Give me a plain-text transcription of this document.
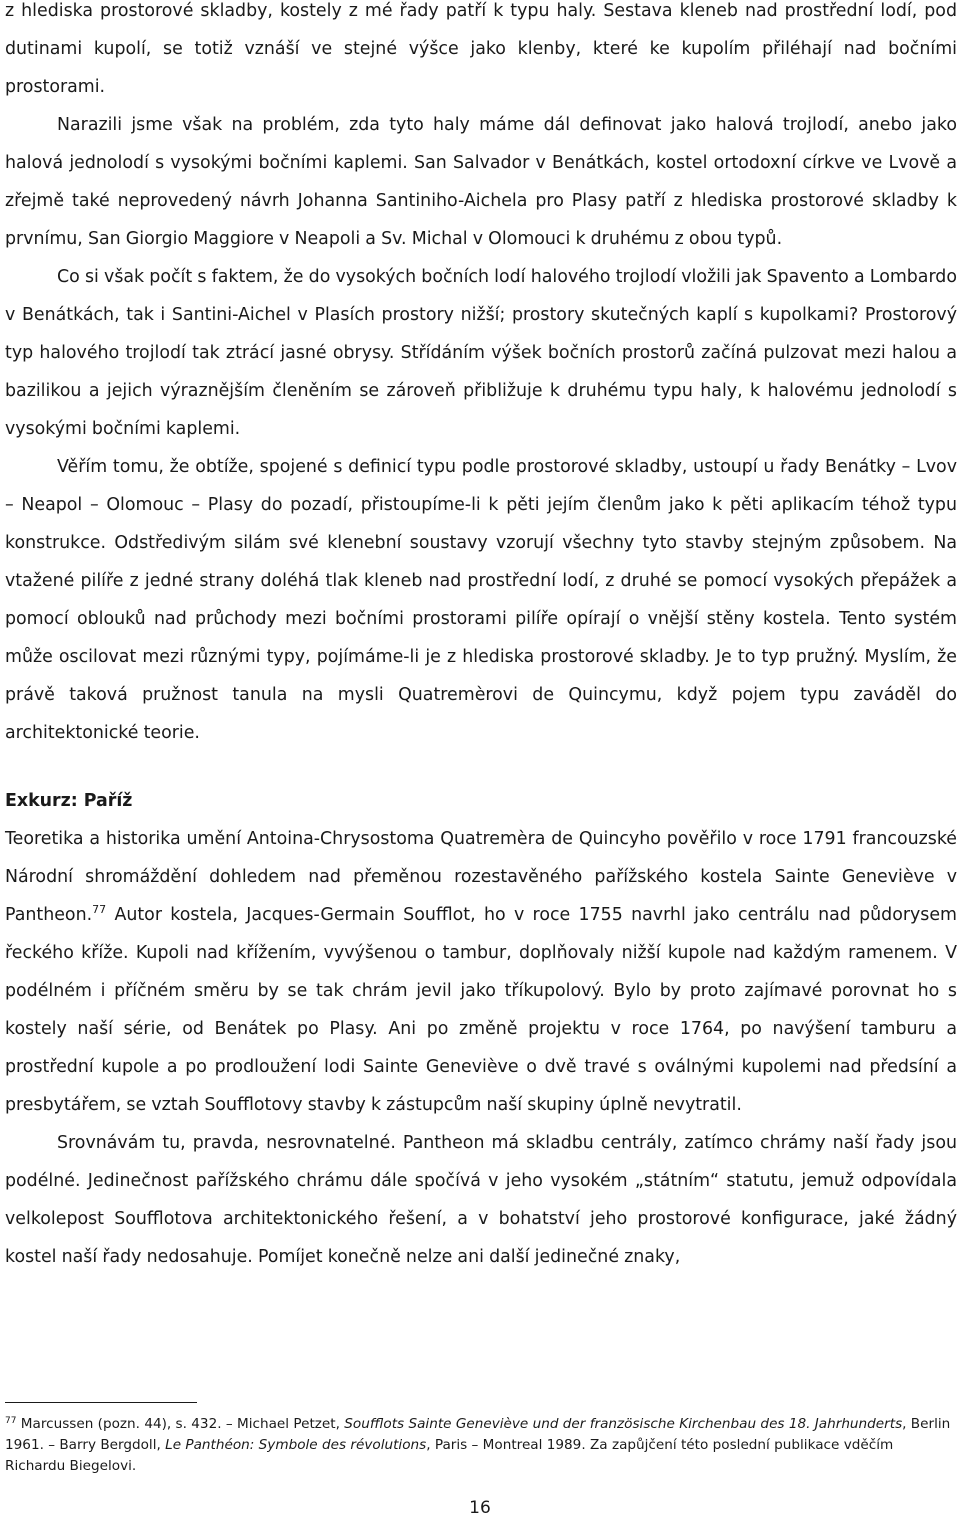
z hlediska prostorové skladby, kostely z mé řady patří k typu haly. Sestava kleneb nad prostřední lodí, pod dutinami kupolí, se totiž vznáší ve stejné výšce jako klenby, které ke kupolím přiléhají nad bočními prostorami.

Narazili jsme však na problém, zda tyto haly máme dál definovat jako halová trojlodí, anebo jako halová jednolodí s vysokými bočními kaplemi. San Salvador v Benátkách, kostel ortodoxní církve ve Lvově a zřejmě také neprovedený návrh Johanna Santiniho-Aichela pro Plasy patří z hlediska prostorové skladby k prvnímu, San Giorgio Maggiore v Neapoli a Sv. Michal v Olomouci k druhému z obou typů.

Co si však počít s faktem, že do vysokých bočních lodí halového trojlodí vložili jak Spavento a Lombardo v Benátkách, tak i Santini-Aichel v Plasích prostory nižší; prostory skutečných kaplí s kupolkami? Prostorový typ halového trojlodí tak ztrácí jasné obrysy. Střídáním výšek bočních prostorů začíná pulzovat mezi halou a bazilikou a jejich výraznějším členěním se zároveň přibližuje k druhému typu haly, k halovému jednolodí s vysokými bočními kaplemi.

Věřím tomu, že obtíže, spojené s definicí typu podle prostorové skladby, ustoupí u řady Benátky – Lvov – Neapol – Olomouc – Plasy do pozadí, přistoupíme-li k pěti jejím členům jako k pěti aplikacím téhož typu konstrukce. Odstředivým silám své klenební soustavy vzorují všechny tyto stavby stejným způsobem. Na vtažené pilíře z jedné strany doléhá tlak kleneb nad prostřední lodí, z druhé se pomocí vysokých přepážek a pomocí oblouků nad průchody mezi bočními prostorami pilíře opírají o vnější stěny kostela. Tento systém může oscilovat mezi různými typy, pojímáme-li je z hlediska prostorové skladby. Je to typ pružný. Myslím, že právě taková pružnost tanula na mysli Quatremèrovi de Quincymu, když pojem typu zaváděl do architektonické teorie.

Exkurz: Paříž

Teoretika a historika umění Antoina-Chrysostoma Quatremèra de Quincyho pověřilo v roce 1791 francouzské Národní shromáždění dohledem nad přeměnou rozestavěného pařížského kostela Sainte Geneviève v Pantheon.$^{77}$ Autor kostela, Jacques-Germain Soufflot, ho v roce 1755 navrhl jako centrálu nad půdorysem řeckého kříže. Kupoli nad křížením, vyvýšenou o tambur, doplňovaly nižší kupole nad každým ramenem. V podélném i příčném směru by se tak chrám jevil jako tříkupolový. Bylo by proto zajímavé porovnat ho s kostely naší série, od Benátek po Plasy. Ani po změně projektu v roce 1764, po navýšení tamburu a prostřední kupole a po prodloužení lodi Sainte Geneviève o dvě travé s oválnými kupolemi nad předsíní a presbytářem, se vztah Soufflotovy stavby k zástupcům naší skupiny úplně nevytratil.

Srovnávám tu, pravda, nesrovnatelné. Pantheon má skladbu centrály, zatímco chrámy naší řady jsou podélné. Jedinečnost pařížského chrámu dále spočívá v jeho vysokém „státním“ statutu, jemuž odpovídala velkolepost Soufflotova architektonického řešení, a v bohatství jeho prostorové konfigurace, jaké žádný kostel naší řady nedosahuje. Pomíjet konečně nelze ani další jedinečné znaky,

$^{77}$ Marcussen (pozn. 44), s. 432. – Michael Petzet, Soufflots Sainte Geneviève und der französische Kirchenbau des 18. Jahrhunderts, Berlin 1961. – Barry Bergdoll, Le Panthéon: Symbole des révolutions, Paris – Montreal 1989. Za zapůjčení této poslední publikace vděčím Richardu Biegelovi.

16
